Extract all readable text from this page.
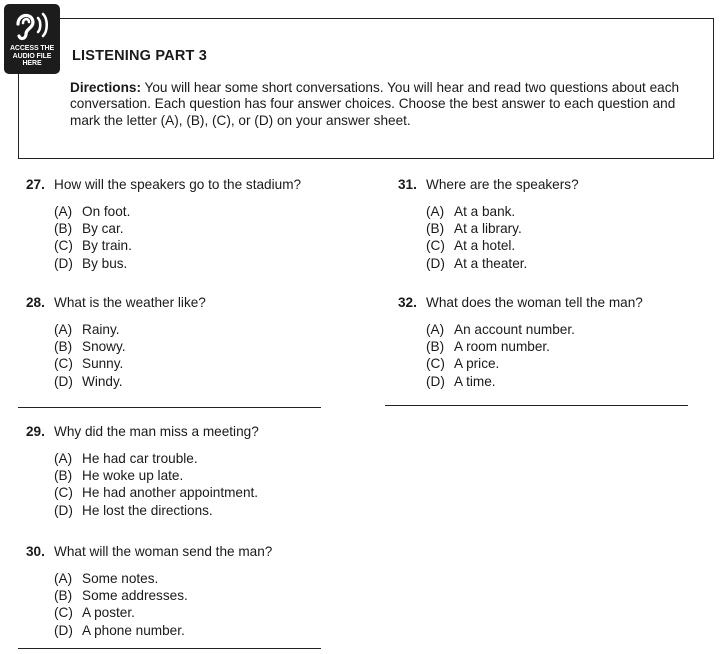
ACCESS THE
AUDIO FILE
HERE	LISTENING PART 3
Directions: You will hear some short conversations. You will hear and read two questions about each conversation. Each question has four answer choices. Choose the best answer to each question and mark the letter (A), (B), (C), or (D) on your answer sheet.
27. How will the speakers go to the stadium?
(A) On foot.
(B) By car.
(C) By train.
(D) By bus.
28. What is the weather like?
(A) Rainy.
(B) Snowy.
(C) Sunny.
(D) Windy.
29. Why did the man miss a meeting?
(A) He had car trouble.
(B) He woke up late.
(C) He had another appointment.
(D) He lost the directions.
30. What will the woman send the man?
(A) Some notes.
(B) Some addresses.
(C) A poster.
(D) A phone number.
31. Where are the speakers?
(A) At a bank.
(B) At a library.
(C) At a hotel.
(D) At a theater.
32. What does the woman tell the man?
(A) An account number.
(B) A room number.
(C) A price.
(D) A time.
